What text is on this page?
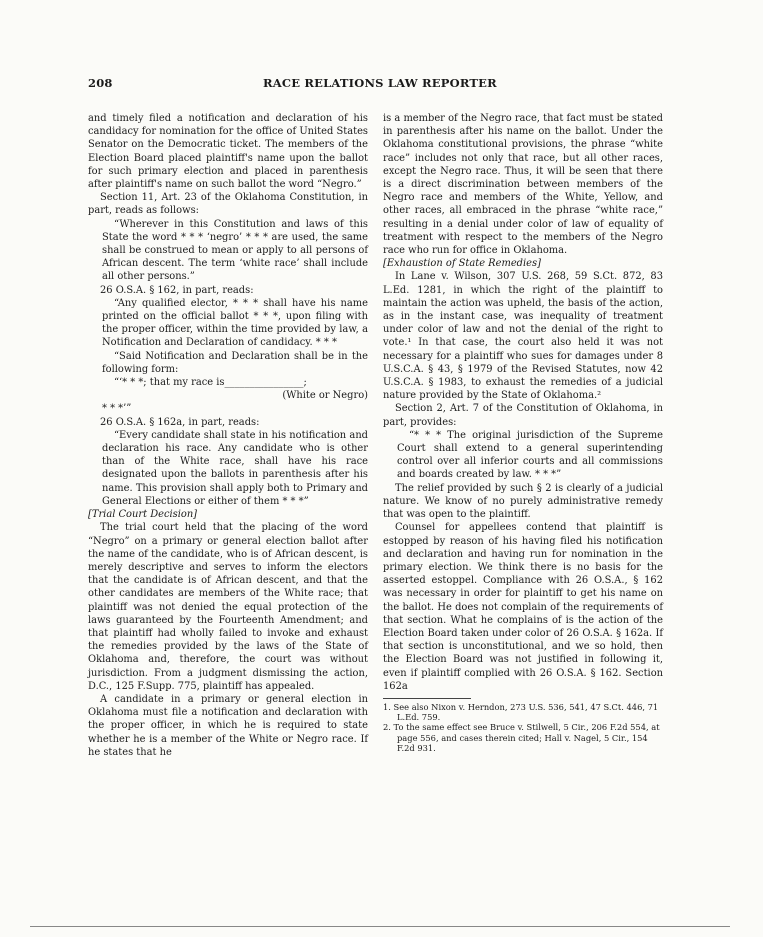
208	RACE RELATIONS LAW REPORTER

and timely filed a notification and declaration of his candidacy for nomination for the office of United States Senator on the Democratic ticket. The members of the Election Board placed plaintiff's name upon the ballot for such primary election and placed in parenthesis after plaintiff's name on such ballot the word “Negro.”

Section 11, Art. 23 of the Oklahoma Constitution, in part, reads as follows:

“Wherever in this Constitution and laws of this State the word * * * ‘negro’ * * * are used, the same shall be construed to mean or apply to all persons of African descent. The term ‘white race’ shall include all other persons.”

26 O.S.A. § 162, in part, reads:

“Any qualified elector, * * * shall have his name printed on the official ballot * * *, upon filing with the proper officer, within the time provided by law, a Notification and Declaration of candidacy. * * *

“Said Notification and Declaration shall be in the following form:

“‘* * *; that my race is________________;

(White or Negro)

* * *’”

26 O.S.A. § 162a, in part, reads:

“Every candidate shall state in his notification and declaration his race. Any candidate who is other than of the White race, shall have his race designated upon the ballots in parenthesis after his name. This provision shall apply both to Primary and General Elections or either of them * * *”

[Trial Court Decision]

The trial court held that the placing of the word “Negro” on a primary or general election ballot after the name of the candidate, who is of African descent, is merely descriptive and serves to inform the electors that the candidate is of African descent, and that the other candidates are members of the White race; that plaintiff was not denied the equal protection of the laws guaranteed by the Fourteenth Amendment; and that plaintiff had wholly failed to invoke and exhaust the remedies provided by the laws of the State of Oklahoma and, therefore, the court was without jurisdiction. From a judgment dismissing the action, D.C., 125 F.Supp. 775, plaintiff has appealed.

A candidate in a primary or general election in Oklahoma must file a notification and declaration with the proper officer, in which he is required to state whether he is a member of the White or Negro race. If he states that he

is a member of the Negro race, that fact must be stated in parenthesis after his name on the ballot. Under the Oklahoma constitutional provisions, the phrase “white race” includes not only that race, but all other races, except the Negro race. Thus, it will be seen that there is a direct discrimination between members of the Negro race and members of the White, Yellow, and other races, all embraced in the phrase “white race,” resulting in a denial under color of law of equality of treatment with respect to the members of the Negro race who run for office in Oklahoma.

[Exhaustion of State Remedies]

In Lane v. Wilson, 307 U.S. 268, 59 S.Ct. 872, 83 L.Ed. 1281, in which the right of the plaintiff to maintain the action was upheld, the basis of the action, as in the instant case, was inequality of treatment under color of law and not the denial of the right to vote.¹ In that case, the court also held it was not necessary for a plaintiff who sues for damages under 8 U.S.C.A. § 43, § 1979 of the Revised Statutes, now 42 U.S.C.A. § 1983, to exhaust the remedies of a judicial nature provided by the State of Oklahoma.²

Section 2, Art. 7 of the Constitution of Oklahoma, in part, provides:

“* * * The original jurisdiction of the Supreme Court shall extend to a general superintending control over all inferior courts and all commissions and boards created by law. * * *”

The relief provided by such § 2 is clearly of a judicial nature. We know of no purely administrative remedy that was open to the plaintiff.

Counsel for appellees contend that plaintiff is estopped by reason of his having filed his notification and declaration and having run for nomination in the primary election. We think there is no basis for the asserted estoppel. Compliance with 26 O.S.A., § 162 was necessary in order for plaintiff to get his name on the ballot. He does not complain of the requirements of that section. What he complains of is the action of the Election Board taken under color of 26 O.S.A. § 162a. If that section is unconstitutional, and we so hold, then the Election Board was not justified in following it, even if plaintiff complied with 26 O.S.A. § 162. Section 162a

1. See also Nixon v. Herndon, 273 U.S. 536, 541, 47 S.Ct. 446, 71 L.Ed. 759.

2. To the same effect see Bruce v. Stilwell, 5 Cir., 206 F.2d 554, at page 556, and cases therein cited; Hall v. Nagel, 5 Cir., 154 F.2d 931.
